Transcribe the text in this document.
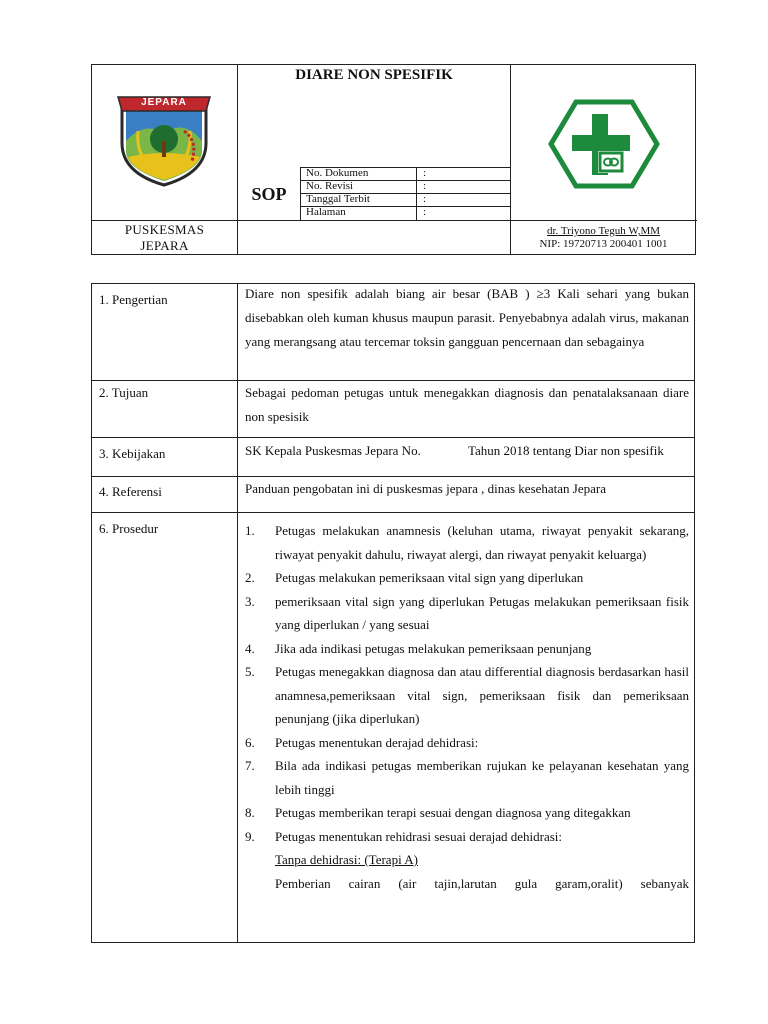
JEPARA
DIARE NON SPESIFIK
SOP
No. Dokumen	:
No. Revisi	:
Tanggal Terbit	:
Halaman	:
PUSKESMAS
JEPARA
dr. Triyono Teguh W,MM
NIP: 19720713 200401 1001
1. Pengertian	Diare non spesifik adalah biang air besar (BAB ) ≥3 Kali sehari yang bukan disebabkan oleh kuman khusus maupun parasit. Penyebabnya adalah virus, makanan yang merangsang atau tercemar toksin gangguan pencernaan dan sebagainya
2. Tujuan	Sebagai pedoman petugas untuk menegakkan diagnosis dan penatalaksanaan diare non spesisik
3. Kebijakan	SK Kepala Puskesmas Jepara No.	Tahun 2018 tentang Diar non spesifik
4. Referensi	Panduan pengobatan ini di puskesmas jepara , dinas kesehatan Jepara
6. Prosedur	1. Petugas melakukan anamnesis (keluhan utama, riwayat penyakit sekarang, riwayat penyakit dahulu, riwayat alergi, dan riwayat penyakit keluarga)
2. Petugas melakukan pemeriksaan vital sign yang diperlukan
3. pemeriksaan vital sign yang diperlukan Petugas melakukan pemeriksaan fisik yang diperlukan / yang sesuai
4. Jika ada indikasi petugas melakukan pemeriksaan penunjang
5. Petugas menegakkan diagnosa dan atau differential diagnosis berdasarkan hasil anamnesa,pemeriksaan vital sign, pemeriksaan fisik dan pemeriksaan penunjang (jika diperlukan)
6. Petugas menentukan derajad dehidrasi:
7. Bila ada indikasi petugas memberikan rujukan ke pelayanan kesehatan yang lebih tinggi
8. Petugas memberikan terapi sesuai dengan diagnosa yang ditegakkan
9. Petugas menentukan rehidrasi sesuai derajad dehidrasi:
Tanpa dehidrasi: (Terapi A)
Pemberian cairan (air tajin,larutan gula garam,oralit) sebanyak
